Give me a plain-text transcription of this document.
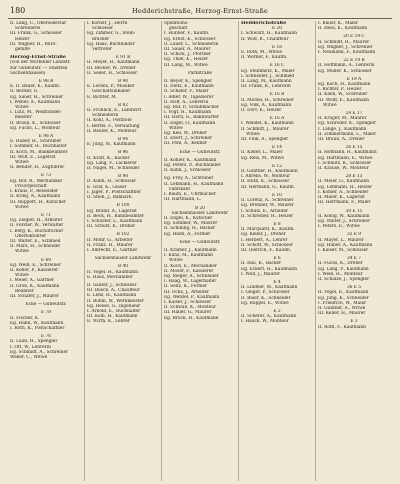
180	Hedderichstraße, Herzog-Ernst-Straße
II. Lang, C., Obersekretär
Schreinerei
III. Frank, G., Schlosser
Heizer
III. Wagner, H., Büro-
gehilfe
Herzog-Ernst-Straße
(von der Mörfelder Landstr.
zur Gutleutstr. — Stadtteil
Sachsenhausen)
E 98 B
E. II. Bauer, K., Kaufm.
II. Becker, G.
Eg. Sauer, H., Schreiner
I. Weber, A., Kaufmann
Witwe
I. Lutz, M., Weißbinder-
meister
II. Braun, K., Schlosser
Eg. Fuchs, L., Monteur
E 98 A
E. Huber, H., Schreiner
I. Sommer, H., Buchhalter
II. Koch, M., Bankbeamter
III. Wolf, E., Lagerist
Witwe
II. Bender, H., Zugführer
E 73
Eg. Hof, R., Mechaniker
Frisörgeschäft
I. Kraus, P., Reisender
II. Krieg, A., Kaufmann
III. Ruppert, H., Kutscher
Witwe
E 71
Eg. Ziegler, H., Arbeiter
II. Förster, W., Verwalter
I. Berg, K., Buchdrucker
Oberlokführer
III. Walter, E., Schmied
II. Marx, H., Schneider
Witwe
E 69
Eg. Weiß, E., Schreiner
II. Keller, P., Kassierer
Witwe
I. Meier, A., Gärtner
II. Groß, K., Kaufmann
Beamter
III. Schäfer, J., Maurer
Ecke — Gutleutstr.
E 78
II. Fischer, K.
Eg. Hahn, W., Kaufmann
I. Roth, K., Postschaffner
E 76
II. Laun, H., Spengler
I. Ott, W., Lehrerin
Eg. Schmidt, A., Schreiner
Weber, C., Witwe
I. Körner, J., Herrn
Schlosser
Eg. Zimmer, G., Stein-
drucker
Eg. Haas, Buchbinder
Vertreter
E 91 B
II. Meyer, H., Kaufmann
III. Becker, W., Dreher
II. Seiler, H., Schlosser
B 90
E. Lorenz, P., Musiker
Geschäftsinhaber
E. Richter, M.
B 92
II. Fröhlich, E., Landwirt
Schneiderin
II. Kohl, A., Postbote
I. Hertel, F., Verwaltung
II. Reuter, K., Monteur
B 94
E. Jung, W., Kaufmann
B 96
II. Kraft, K., Bäcker
Eg. Lang, F., Lackierer
II. Nagel, M., Schneider
B 98
II. Kuhn, H., Schlosser
E. Graf, K., Glaser
I. Jäger, P., Postschaffner
II. Stein, J., Bahnarb.
B 100
Eg. Brand, A., Lagerist
II. Beck, H., Bahnbeamter
I. Schuster, L., Kaufmann
III. Schütz, K., Dreher
B 102
II. Mohr, G., Arbeiter
II. Franz, H., Maurer
I. Albrecht, E., Gärtner
Sachsenhäuser Landwehr
B 40
II. Vogel, H., Kaufmann
E. Haas, Mechaniker
II. Sauter, J., Schlosser
III. Busch, A., Chauffeur
E. Lenz, H., Kaufmann
II. Böhm, W., Werkmeister
Eg. Hesse, G., Ingenieur
I. Arnold, E., Buchhalter
III. Kolb, H., Kaufmann
E. Wirth, K., Lehrer
Speditions-
geschäft
I. Hübner, F., Kaufm.
Eg. Ernst, K., Schlosser
II. Lauer, L., Schneiderin
III. Sauer, A., Maurer
II. Schick, J., Pförtner
Eg. Thiel, K., Heizer
III. Lang, M., Witwe
Parkstraße
II. Beyer, K., Spengler
II. Dietz, E., Kaufmann
II. Schäfer, F., Maler
I. Adler, W., Tapezierer
II. Hoff, A., Lehrerin
Eg. Ruf, P., Schuhmacher
I. Vogt, H., Kaufmann
III. Horn, G., Bahnwärter
II. Engel, O., Kaufmann
Witwe
Eg. Keil, W., Dreher
II. Ebert, J., Schreiner
III. Pohl, A., Kellner
Ecke — Gutleutstr.
II. Köhler, K., Kaufmann
Eg. Peters, P., Buchbinder
II. Kühn, J., Schlosser
Eg. Frey, A., Schreiner
II. Lehmann, H., Kaufmann
Fabrikant
I. Baum, E., Uhrmacher
III. Hartmann, L.
B 20
Sachsenhäuser Landwehr
II. Engel, K., Kutscher
Eg. Sommer, W., Maurer
II. Schilling, H., Bäcker
Eg. Heim, A., Former
Ecke — Gutleutstr.
II. Krämer, J., Kaufmann
I. Kunz, M., Kaufmann
Witwe
II. Koch, E., Mechaniker
II. Moser, F., Kassierer
Eg. Rieger, A., Schneider
I. Haag, W., Lagerhalter
II. Seitz, K., Former
III. Ochs, J., Arbeiter
Eg. Wenzel, P., Kaufmann
I. Kaiser, J., Schlosser
II. Schwab, K., Monteur
III. Haller, G., Maurer
Eg. Brück, H., Kaufmann
Hedderichstraße
E 20
I. Schwarz, H., Kaufmann
II. Wolf, R., Chauffeur
E 18
E. Roth, M., Witwe
II. Werner, F., Kaufm.
E 16 C
Eg. Steinmetz, K., Maler
I. Schneider, J., Schmied
II. Lang, M., Kaufmann
III. Frank, R., Lehrerin
E 16 B
II. Michel, H., Schreiner
Eg. Volk, A., Kaufmann
II. Dörr, K., Heizer
E 16 A
I. Wendel, K., Kaufmann
II. Schmitt, J., Maurer
Witwe
III. Fink, A., Spengler
E 14
II. Kiefer, L., Maler
Eg. Reis, M., Witwe
E 12
II. Günther, H., Kaufmann
I. Ahrens, W., Monteur
II. Huth, K., Schlosser
III. Hermann, G., Kaufm.
E 10
II. Lorenz, A., Schreiner
Eg. Brenner, W., Maurer
I. Schulz, E., Arbeiter
II. Schreiber, H., Heizer
E 8
II. Marquard, K., Kaufm.
Eg. Keller, J., Dreher
I. Herbert, A., Lehrer
II. Schott, W., Schlosser
III. Dietrich, F., Kaufm.
E 6
II. Rau, K., Bäcker
Eg. Eckert, H., Kaufmann
I. Wild, J., Maurer
E 4
II. Lindner, M., Kaufmann
I. Geiger, P., Schlosser
II. Baier, K., Schneider
Eg. Ruppel, E., Witwe
E 2
II. Scherer, A., Kaufmann
I. Hauck, W., Monteur
I. Bauer, K., Maler
II. Hess, K., Kaufmann
20 E 19 C
II. Schmidt, H., Maurer
Eg. Wagner, J., Schreiner
I. Neumann, F., Kaufmann
22 E 19 B
II. Hoffmann, A., Lehrerin
Eg. Müller, K., Schlosser
E 19 A
Eg. Koch, H., Kaufmann
I. Richter, P., Heizer
II. Klein, W., Schreiner
III. Wolff, E., Kaufmann
Witwe
24 E 17
II. Krüger, M., Maurer
Eg. Schröder, K., Spengler
I. Lange, J., Kaufmann
II. Zimmermann, L., Maler
III. Braun, A., Dreher
26 E 15
II. Hofmann, R., Kaufmann
Eg. Hartmann, E., Witwe
I. Schmitz, K., Schlosser
II. Krause, W., Monteur
28 E 13
II. Meier, G., Kaufmann
Eg. Lehmann, H., Heizer
I. Köhler, A., Schneider
II. Maier, K., Lagerist
III. Herrmann, F., Maler
30 E 11
II. König, W., Kaufmann
Eg. Walter, J., Schreiner
I. Peters, E., Witwe
32 E 9
II. Mayer, L., Maurer
Eg. Huber, A., Kaufmann
I. Kaiser, M., Schlosser
34 E 7
II. Fuchs, K., Dreher
Eg. Lang, P., Kaufmann
I. Weiß, H., Monteur
II. Schulze, J., Spengler
36 E 5
II. Vogel, E., Kaufmann
Eg. Jung, K., Schneider
I. Friedrich, W., Maler
II. Günther, A., Witwe
III. Keller, H., Maurer
E 3
II. Roth, F., Kaufmann
